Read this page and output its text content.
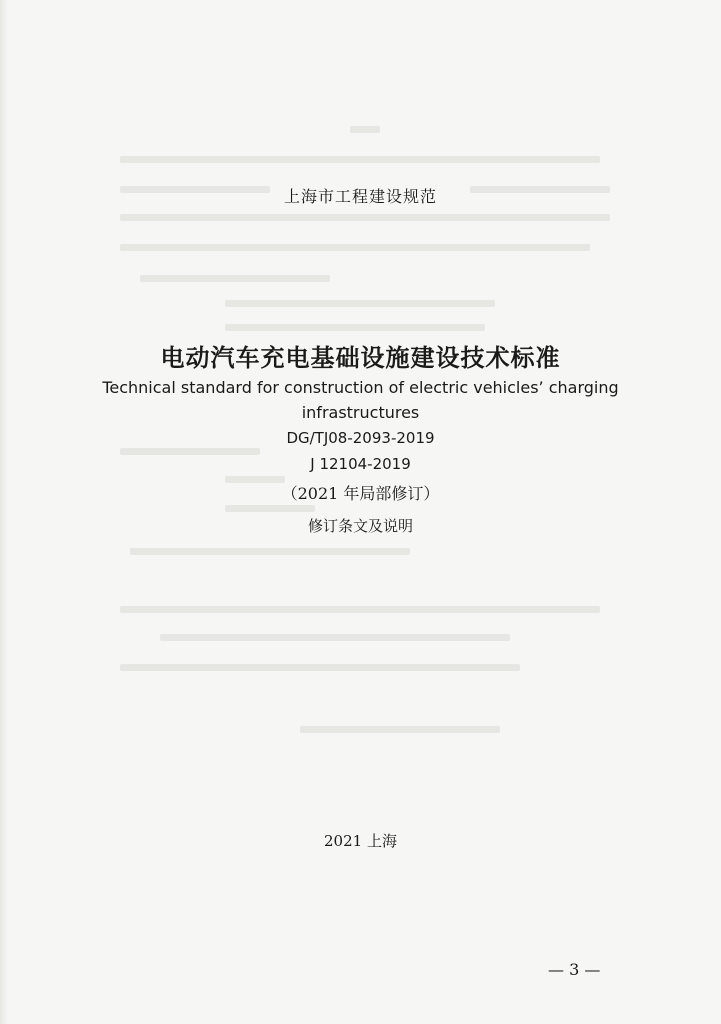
上海市工程建设规范
电动汽车充电基础设施建设技术标准
Technical standard for construction of electric vehicles’ charging
infrastructures
DG/TJ08-2093-2019
J 12104-2019
（2021 年局部修订）
修订条文及说明
2021 上海
— 3 —
